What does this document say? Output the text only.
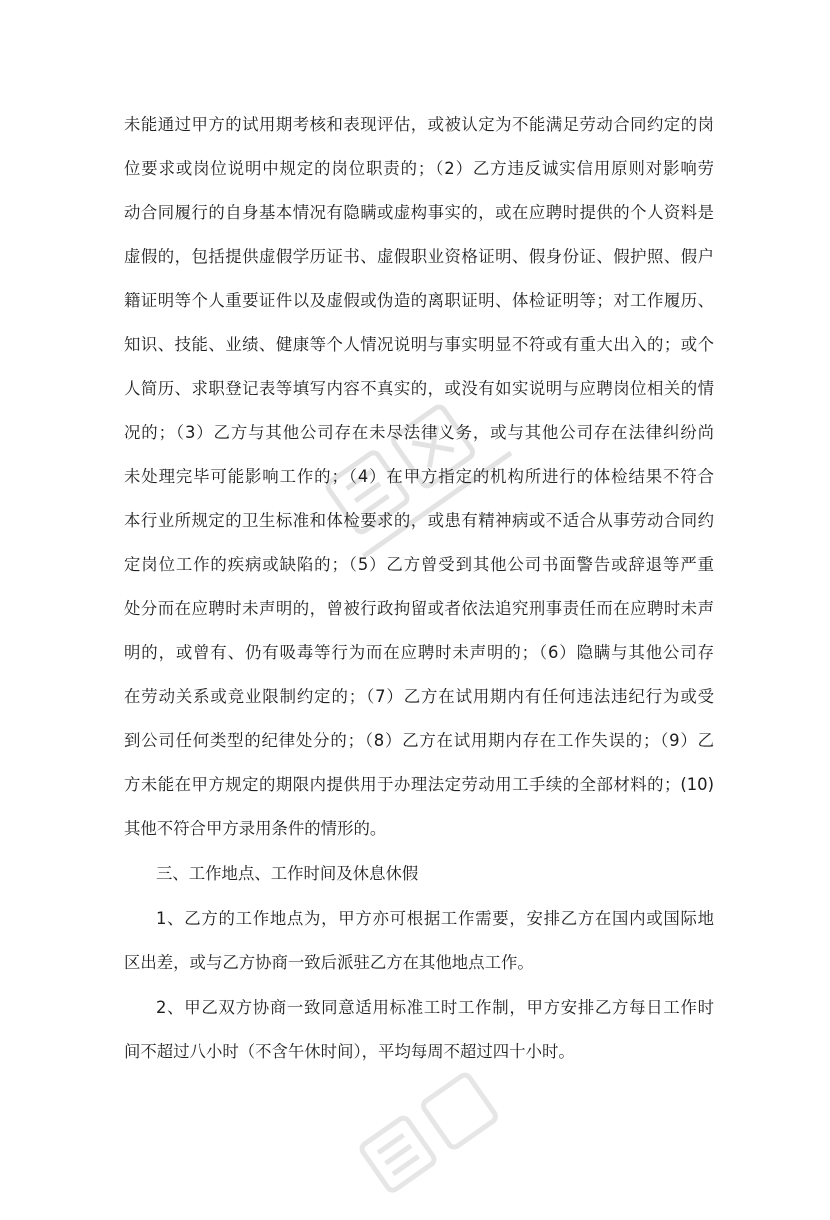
未能通过甲方的试用期考核和表现评估，或被认定为不能满足劳动合同约定的岗
位要求或岗位说明中规定的岗位职责的；（2）乙方违反诚实信用原则对影响劳
动合同履行的自身基本情况有隐瞒或虚构事实的，或在应聘时提供的个人资料是
虚假的，包括提供虚假学历证书、虚假职业资格证明、假身份证、假护照、假户
籍证明等个人重要证件以及虚假或伪造的离职证明、体检证明等；对工作履历、
知识、技能、业绩、健康等个人情况说明与事实明显不符或有重大出入的；或个
人简历、求职登记表等填写内容不真实的，或没有如实说明与应聘岗位相关的情
况的；（3）乙方与其他公司存在未尽法律义务，或与其他公司存在法律纠纷尚
未处理完毕可能影响工作的；（4）在甲方指定的机构所进行的体检结果不符合
本行业所规定的卫生标准和体检要求的，或患有精神病或不适合从事劳动合同约
定岗位工作的疾病或缺陷的；（5）乙方曾受到其他公司书面警告或辞退等严重
处分而在应聘时未声明的，曾被行政拘留或者依法追究刑事责任而在应聘时未声
明的，或曾有、仍有吸毒等行为而在应聘时未声明的；（6）隐瞒与其他公司存
在劳动关系或竞业限制约定的；（7）乙方在试用期内有任何违法违纪行为或受
到公司任何类型的纪律处分的；（8）乙方在试用期内存在工作失误的；（9）乙
方未能在甲方规定的期限内提供用于办理法定劳动用工手续的全部材料的；(10)
其他不符合甲方录用条件的情形的。
三、工作地点、工作时间及休息休假
1、乙方的工作地点为，甲方亦可根据工作需要，安排乙方在国内或国际地
区出差，或与乙方协商一致后派驻乙方在其他地点工作。
2、甲乙双方协商一致同意适用标准工时工作制，甲方安排乙方每日工作时
间不超过八小时（不含午休时间），平均每周不超过四十小时。
